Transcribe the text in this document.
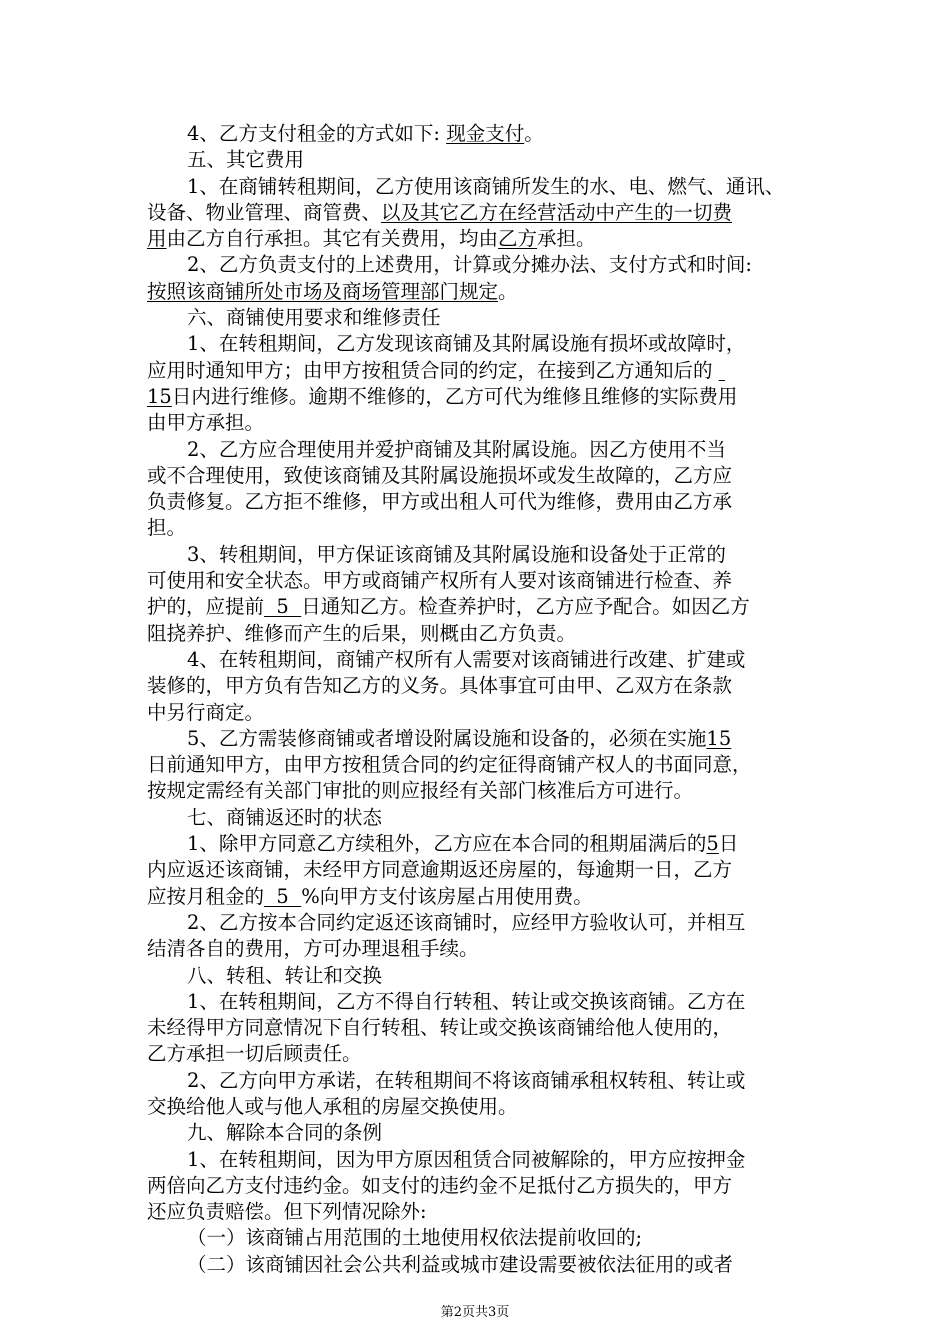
4、乙方支付租金的方式如下: 现金支付。
五、其它费用
1、在商铺转租期间，乙方使用该商铺所发生的水、电、燃气、通讯、
设备、物业管理、商管费、以及其它乙方在经营活动中产生的一切费
用由乙方自行承担。其它有关费用，均由乙方承担。
2、乙方负责支付的上述费用，计算或分摊办法、支付方式和时间:
按照该商铺所处市场及商场管理部门规定。
六、商铺使用要求和维修责任
1、在转租期间，乙方发现该商铺及其附属设施有损坏或故障时，
应用时通知甲方；由甲方按租赁合同的约定，在接到乙方通知后的
15日内进行维修。逾期不维修的，乙方可代为维修且维修的实际费用
由甲方承担。
2、乙方应合理使用并爱护商铺及其附属设施。因乙方使用不当
或不合理使用，致使该商铺及其附属设施损坏或发生故障的，乙方应
负责修复。乙方拒不维修，甲方或出租人可代为维修，费用由乙方承
担。
3、转租期间，甲方保证该商铺及其附属设施和设备处于正常的
可使用和安全状态。甲方或商铺产权所有人要对该商铺进行检查、养
护的，应提前  5  日通知乙方。检查养护时，乙方应予配合。如因乙方
阻挠养护、维修而产生的后果，则概由乙方负责。
4、在转租期间，商铺产权所有人需要对该商铺进行改建、扩建或
装修的，甲方负有告知乙方的义务。具体事宜可由甲、乙双方在条款
中另行商定。
5、乙方需装修商铺或者增设附属设施和设备的，必须在实施15
日前通知甲方，由甲方按租赁合同的约定征得商铺产权人的书面同意，
按规定需经有关部门审批的则应报经有关部门核准后方可进行。
七、商铺返还时的状态
1、除甲方同意乙方续租外，乙方应在本合同的租期届满后的5日
内应返还该商铺，未经甲方同意逾期返还房屋的，每逾期一日，乙方
应按月租金的  5  %向甲方支付该房屋占用使用费。
2、乙方按本合同约定返还该商铺时，应经甲方验收认可，并相互
结清各自的费用，方可办理退租手续。
八、转租、转让和交换
1、在转租期间，乙方不得自行转租、转让或交换该商铺。乙方在
未经得甲方同意情况下自行转租、转让或交换该商铺给他人使用的，
乙方承担一切后顾责任。
2、乙方向甲方承诺，在转租期间不将该商铺承租权转租、转让或
交换给他人或与他人承租的房屋交换使用。
九、解除本合同的条例
1、在转租期间，因为甲方原因租赁合同被解除的，甲方应按押金
两倍向乙方支付违约金。如支付的违约金不足抵付乙方损失的，甲方
还应负责赔偿。但下列情况除外:
（一）该商铺占用范围的土地使用权依法提前收回的;
（二）该商铺因社会公共利益或城市建设需要被依法征用的或者
第2页共3页
